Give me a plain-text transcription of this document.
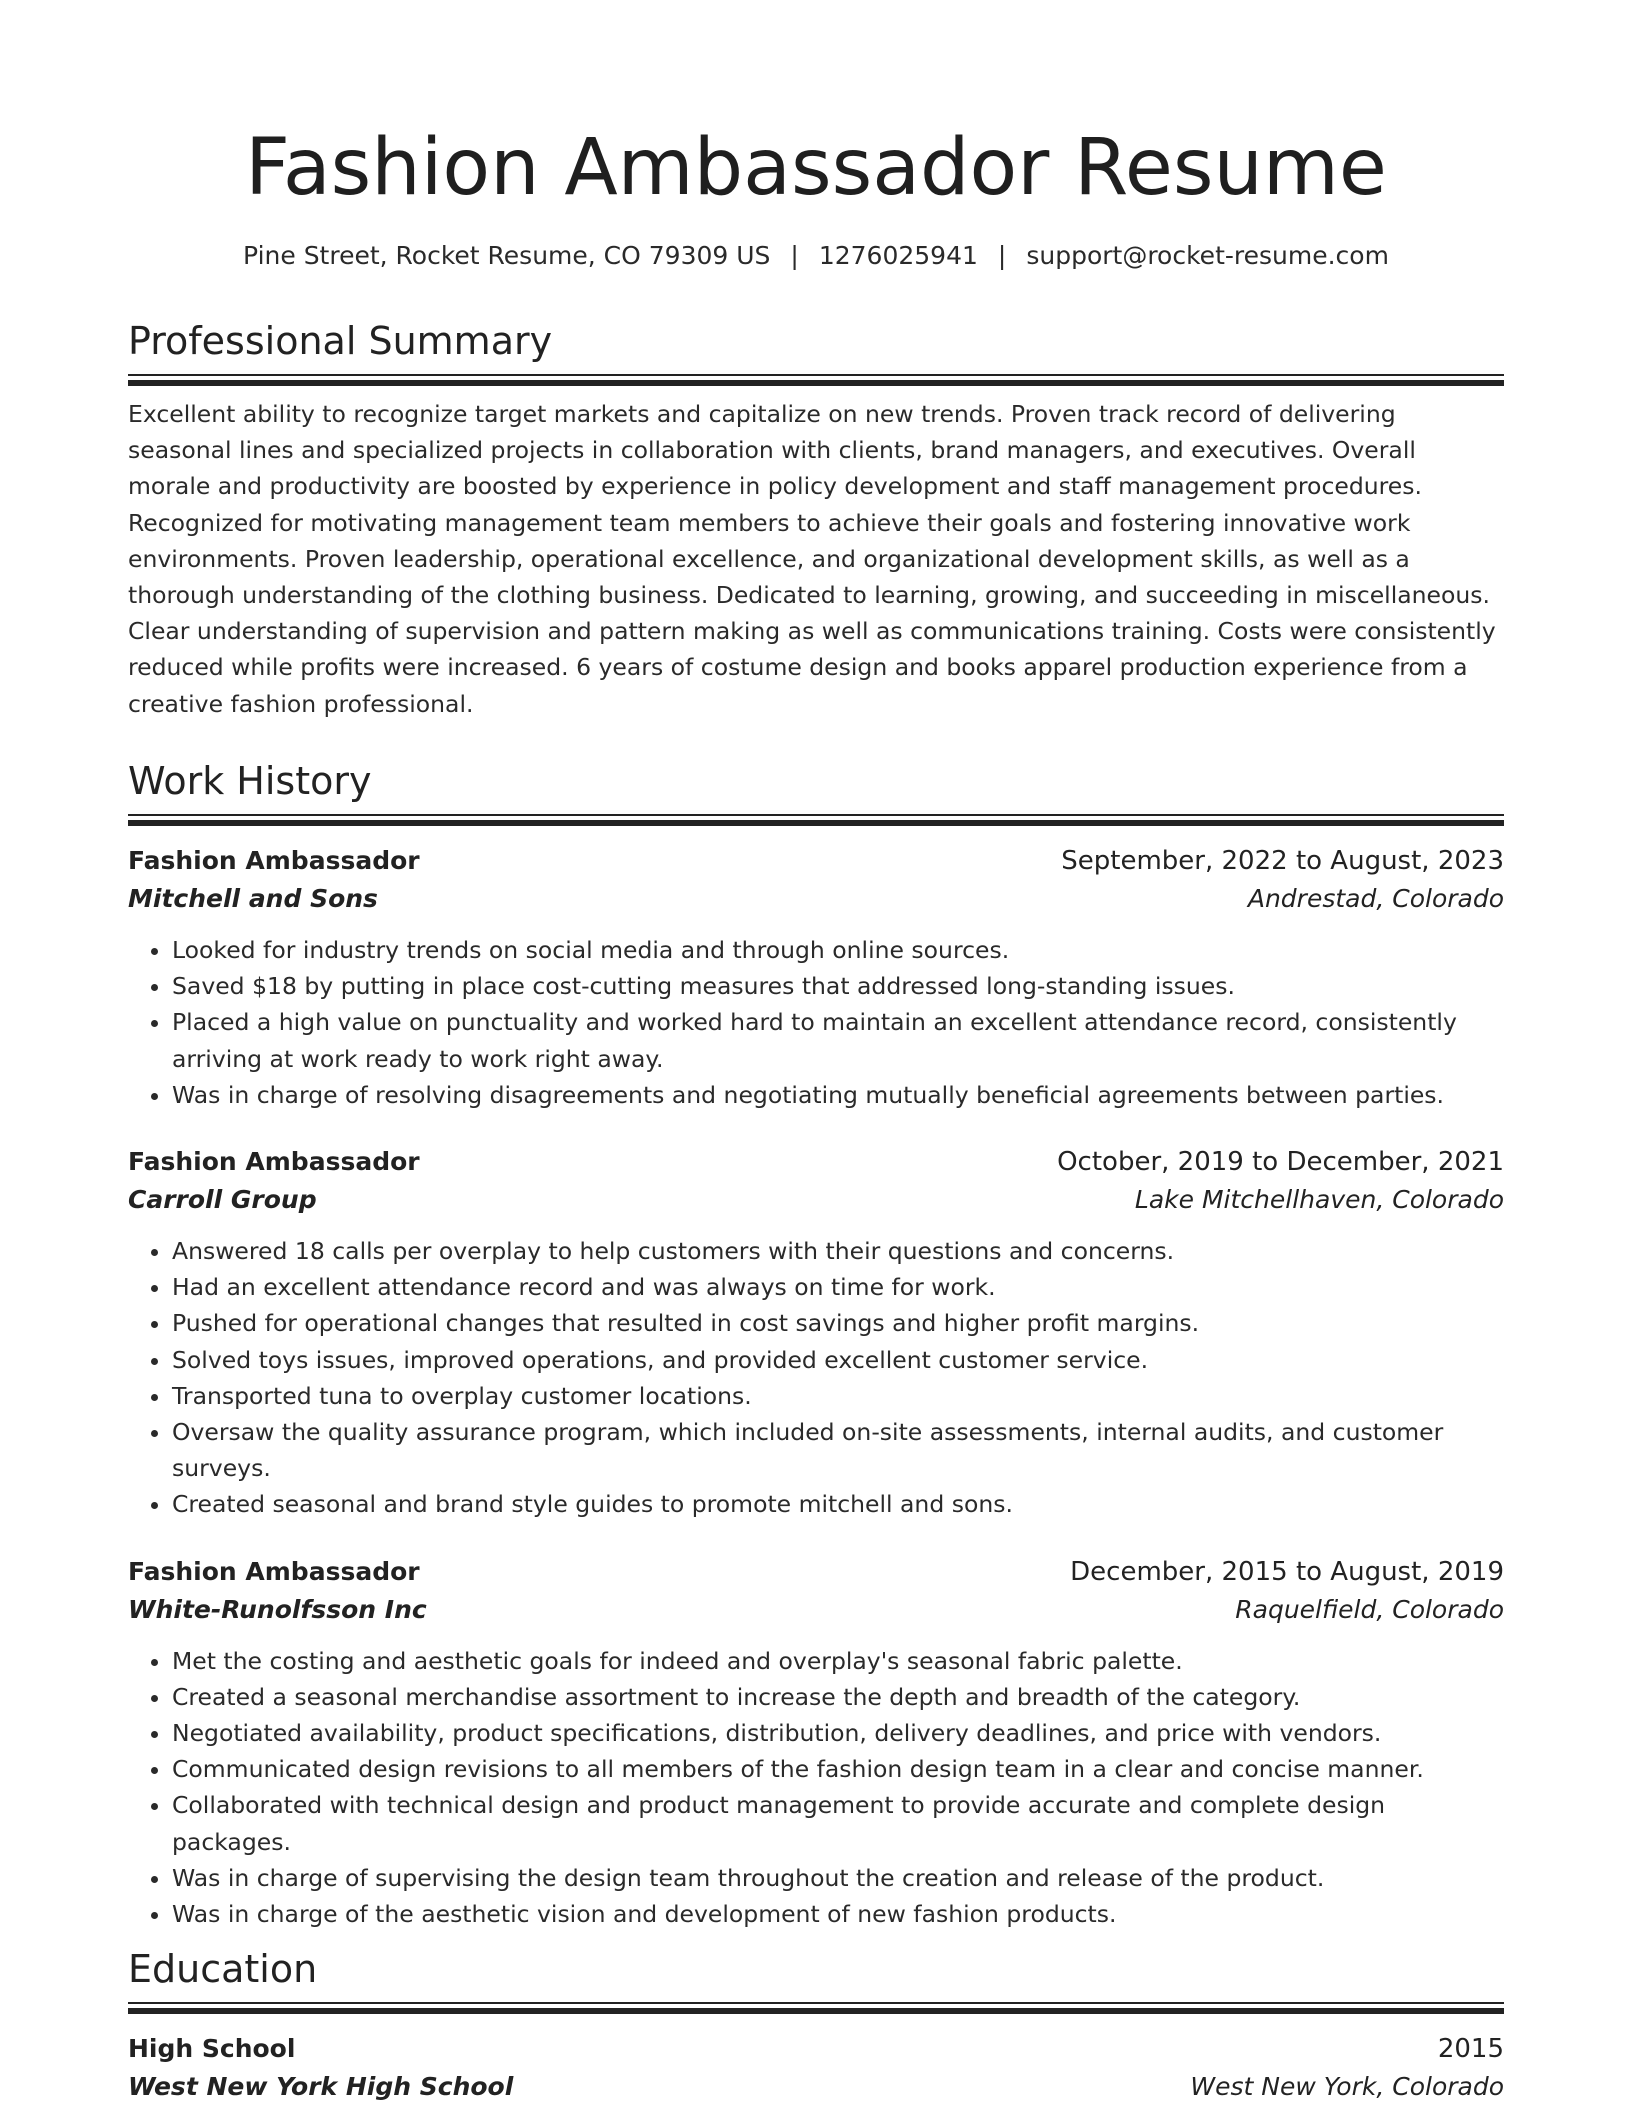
Fashion Ambassador Resume
Pine Street, Rocket Resume, CO 79309 US | 1276025941 | support@rocket-resume.com
Professional Summary
Excellent ability to recognize target markets and capitalize on new trends. Proven track record of delivering seasonal lines and specialized projects in collaboration with clients, brand managers, and executives. Overall morale and productivity are boosted by experience in policy development and staff management procedures. Recognized for motivating management team members to achieve their goals and fostering innovative work environments. Proven leadership, operational excellence, and organizational development skills, as well as a thorough understanding of the clothing business. Dedicated to learning, growing, and succeeding in miscellaneous. Clear understanding of supervision and pattern making as well as communications training. Costs were consistently reduced while profits were increased. 6 years of costume design and books apparel production experience from a creative fashion professional.
Work History
Fashion Ambassador	September, 2022 to August, 2023
Mitchell and Sons	Andrestad, Colorado
• Looked for industry trends on social media and through online sources.
• Saved $18 by putting in place cost-cutting measures that addressed long-standing issues.
• Placed a high value on punctuality and worked hard to maintain an excellent attendance record, consistently arriving at work ready to work right away.
• Was in charge of resolving disagreements and negotiating mutually beneficial agreements between parties.
Fashion Ambassador	October, 2019 to December, 2021
Carroll Group	Lake Mitchellhaven, Colorado
• Answered 18 calls per overplay to help customers with their questions and concerns.
• Had an excellent attendance record and was always on time for work.
• Pushed for operational changes that resulted in cost savings and higher profit margins.
• Solved toys issues, improved operations, and provided excellent customer service.
• Transported tuna to overplay customer locations.
• Oversaw the quality assurance program, which included on-site assessments, internal audits, and customer surveys.
• Created seasonal and brand style guides to promote mitchell and sons.
Fashion Ambassador	December, 2015 to August, 2019
White-Runolfsson Inc	Raquelfield, Colorado
• Met the costing and aesthetic goals for indeed and overplay's seasonal fabric palette.
• Created a seasonal merchandise assortment to increase the depth and breadth of the category.
• Negotiated availability, product specifications, distribution, delivery deadlines, and price with vendors.
• Communicated design revisions to all members of the fashion design team in a clear and concise manner.
• Collaborated with technical design and product management to provide accurate and complete design packages.
• Was in charge of supervising the design team throughout the creation and release of the product.
• Was in charge of the aesthetic vision and development of new fashion products.
Education
High School	2015
West New York High School	West New York, Colorado
